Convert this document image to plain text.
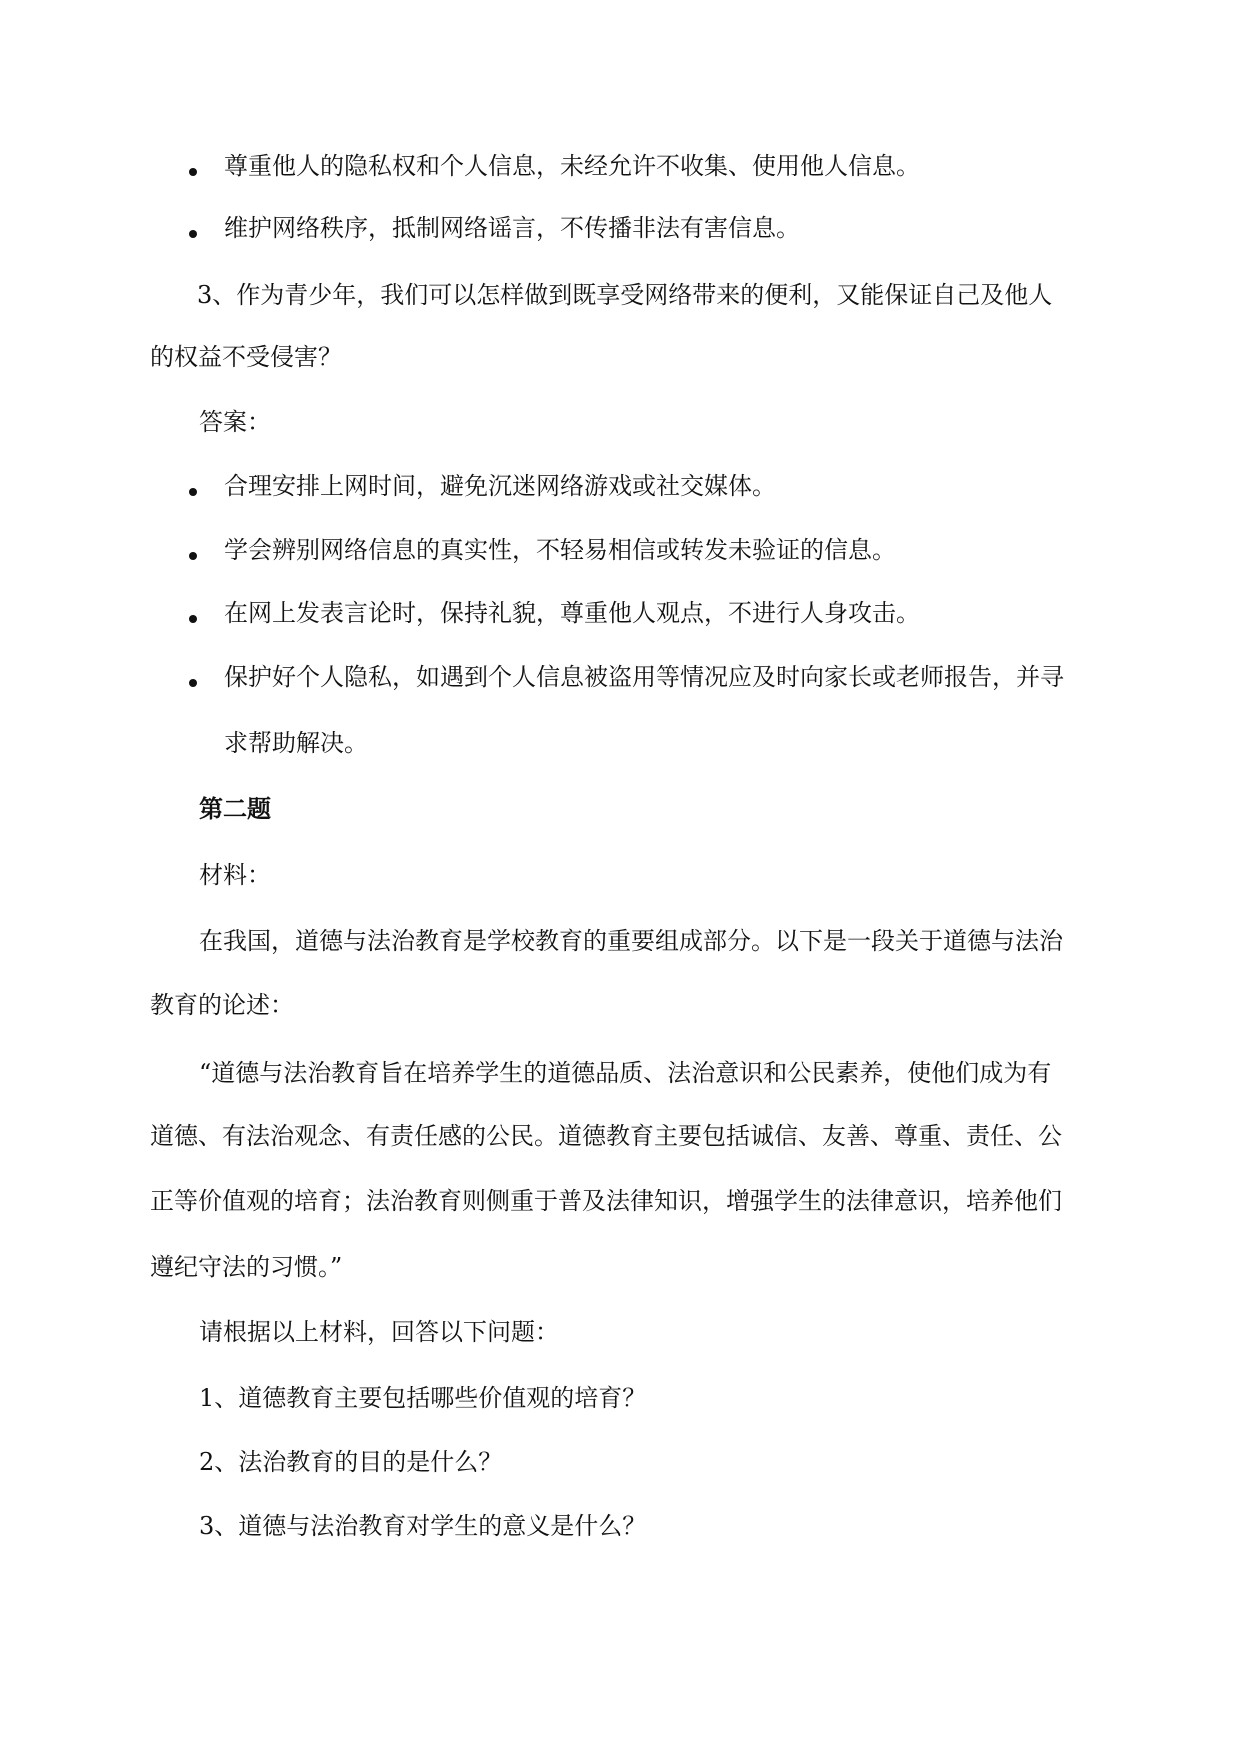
尊重他人的隐私权和个人信息，未经允许不收集、使用他人信息。
维护网络秩序，抵制网络谣言，不传播非法有害信息。
3、作为青少年，我们可以怎样做到既享受网络带来的便利，又能保证自己及他人
的权益不受侵害？
答案：
合理安排上网时间，避免沉迷网络游戏或社交媒体。
学会辨别网络信息的真实性，不轻易相信或转发未验证的信息。
在网上发表言论时，保持礼貌，尊重他人观点，不进行人身攻击。
保护好个人隐私，如遇到个人信息被盗用等情况应及时向家长或老师报告，并寻
求帮助解决。
第二题
材料：
在我国，道德与法治教育是学校教育的重要组成部分。以下是一段关于道德与法治
教育的论述：
“道德与法治教育旨在培养学生的道德品质、法治意识和公民素养，使他们成为有
道德、有法治观念、有责任感的公民。道德教育主要包括诚信、友善、尊重、责任、公
正等价值观的培育；法治教育则侧重于普及法律知识，增强学生的法律意识，培养他们
遵纪守法的习惯。”
请根据以上材料，回答以下问题：
1、道德教育主要包括哪些价值观的培育？
2、法治教育的目的是什么？
3、道德与法治教育对学生的意义是什么？
